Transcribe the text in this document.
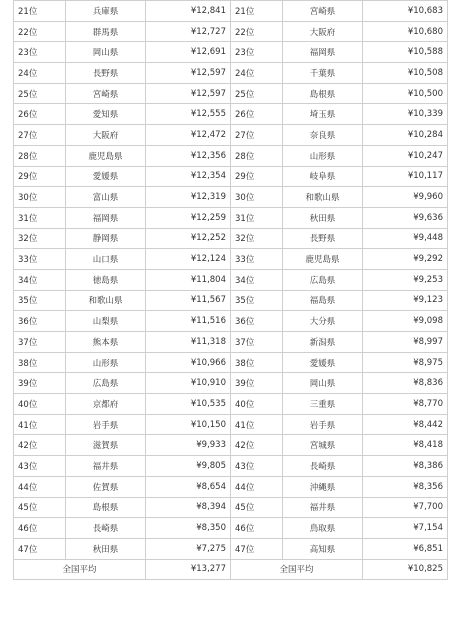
21位	兵庫県	¥12,841	21位	宮崎県	¥10,683
22位	群馬県	¥12,727	22位	大阪府	¥10,680
23位	岡山県	¥12,691	23位	福岡県	¥10,588
24位	長野県	¥12,597	24位	千葉県	¥10,508
25位	宮崎県	¥12,597	25位	島根県	¥10,500
26位	愛知県	¥12,555	26位	埼玉県	¥10,339
27位	大阪府	¥12,472	27位	奈良県	¥10,284
28位	鹿児島県	¥12,356	28位	山形県	¥10,247
29位	愛媛県	¥12,354	29位	岐阜県	¥10,117
30位	富山県	¥12,319	30位	和歌山県	¥9,960
31位	福岡県	¥12,259	31位	秋田県	¥9,636
32位	静岡県	¥12,252	32位	長野県	¥9,448
33位	山口県	¥12,124	33位	鹿児島県	¥9,292
34位	徳島県	¥11,804	34位	広島県	¥9,253
35位	和歌山県	¥11,567	35位	福島県	¥9,123
36位	山梨県	¥11,516	36位	大分県	¥9,098
37位	熊本県	¥11,318	37位	新潟県	¥8,997
38位	山形県	¥10,966	38位	愛媛県	¥8,975
39位	広島県	¥10,910	39位	岡山県	¥8,836
40位	京都府	¥10,535	40位	三重県	¥8,770
41位	岩手県	¥10,150	41位	岩手県	¥8,442
42位	滋賀県	¥9,933	42位	宮城県	¥8,418
43位	福井県	¥9,805	43位	長崎県	¥8,386
44位	佐賀県	¥8,654	44位	沖縄県	¥8,356
45位	島根県	¥8,394	45位	福井県	¥7,700
46位	長崎県	¥8,350	46位	鳥取県	¥7,154
47位	秋田県	¥7,275	47位	高知県	¥6,851
全国平均		¥13,277	全国平均		¥10,825
